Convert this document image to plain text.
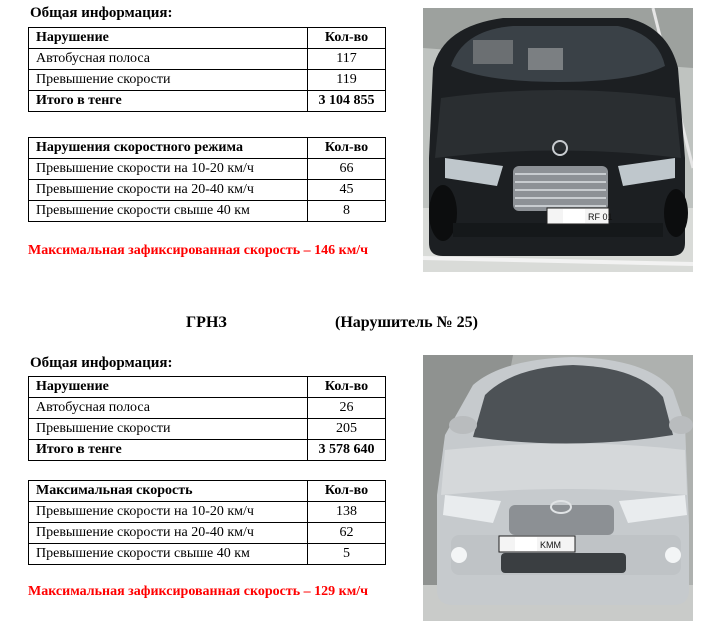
Общая информация:
Нарушение	Кол-во
Автобусная полоса	117
Превышение скорости	119
Итого в тенге	3 104 855
Нарушения скоростного режима	Кол-во
Превышение скорости на 10-20 км/ч	66
Превышение скорости на 20-40 км/ч	45
Превышение скорости свыше 40 км	8
Максимальная зафиксированная скорость – 146 км/ч
RF 01
ГРНЗ	(Нарушитель № 25)
Общая информация:
Нарушение	Кол-во
Автобусная полоса	26
Превышение скорости	205
Итого в тенге	3 578 640
Максимальная скорость	Кол-во
Превышение скорости на 10-20 км/ч	138
Превышение скорости на 20-40 км/ч	62
Превышение скорости свыше 40 км	5
Максимальная зафиксированная скорость – 129 км/ч
KMM
